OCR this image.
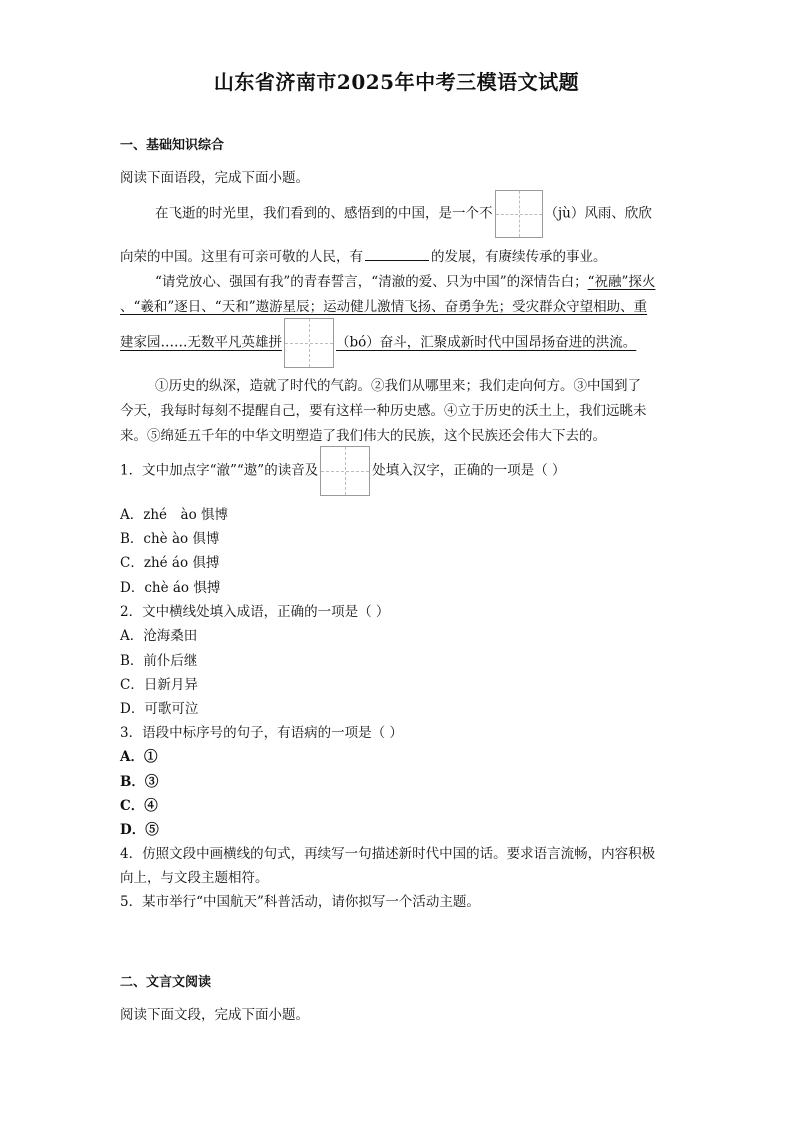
山东省济南市2025年中考三模语文试题
一、基础知识综合
阅读下面语段，完成下面小题。
在飞逝的时光里，我们看到的、感悟到的中国，是一个不	（jù）风雨、欣欣
向荣的中国。这里有可亲可敬的人民，有	的发展，有赓续传承的事业。
“请党放心、强国有我”的青春誓言，“清澈的爱、只为中国”的深情告白；“祝融”探火
、“羲和”逐日、“天和”遨游星辰；运动健儿激情飞扬、奋勇争先；受灾群众守望相助、重
建家园……无数平凡英雄拼	（bó）奋斗，汇聚成新时代中国昂扬奋进的洪流。
①历史的纵深，造就了时代的气韵。②我们从哪里来；我们走向何方。③中国到了
今天，我每时每刻不提醒自己，要有这样一种历史感。④立于历史的沃土上，我们远眺未
来。⑤绵延五千年的中华文明塑造了我们伟大的民族，这个民族还会伟大下去的。
1．文中加点字“澈”“遨”的读音及	处填入汉字，正确的一项是（ ）
A．zhé　ào 惧博
B．chè ào 俱博
C．zhé áo 俱搏
D．chè áo 惧搏
2．文中横线处填入成语，正确的一项是（ ）
A．沧海桑田
B．前仆后继
C．日新月异
D．可歌可泣
3．语段中标序号的句子，有语病的一项是（ ）
A．①
B．③
C．④
D．⑤
4．仿照文段中画横线的句式，再续写一句描述新时代中国的话。要求语言流畅，内容积极
向上，与文段主题相符。
5．某市举行“中国航天”科普活动，请你拟写一个活动主题。
二、文言文阅读
阅读下面文段，完成下面小题。
